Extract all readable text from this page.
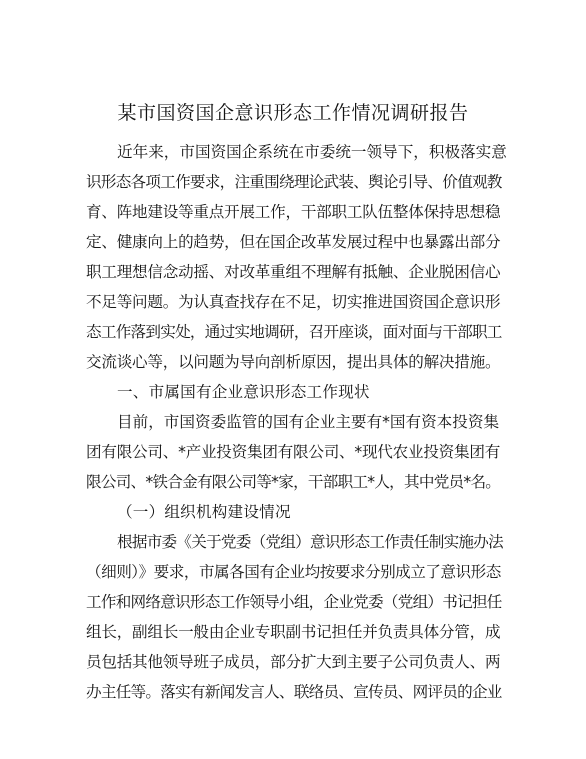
某市国资国企意识形态工作情况调研报告
近年来，市国资国企系统在市委统一领导下，积极落实意
识形态各项工作要求，注重围绕理论武装、舆论引导、价值观教
育、阵地建设等重点开展工作，干部职工队伍整体保持思想稳
定、健康向上的趋势，但在国企改革发展过程中也暴露出部分
职工理想信念动摇、对改革重组不理解有抵触、企业脱困信心
不足等问题。为认真查找存在不足，切实推进国资国企意识形
态工作落到实处，通过实地调研，召开座谈，面对面与干部职工
交流谈心等，以问题为导向剖析原因，提出具体的解决措施。
一、市属国有企业意识形态工作现状
目前，市国资委监管的国有企业主要有*国有资本投资集
团有限公司、*产业投资集团有限公司、*现代农业投资集团有
限公司、*铁合金有限公司等*家，干部职工*人，其中党员*名。
（一）组织机构建设情况
根据市委《关于党委（党组）意识形态工作责任制实施办法
（细则）》要求，市属各国有企业均按要求分别成立了意识形态
工作和网络意识形态工作领导小组，企业党委（党组）书记担任
组长，副组长一般由企业专职副书记担任并负责具体分管，成
员包括其他领导班子成员，部分扩大到主要子公司负责人、两
办主任等。落实有新闻发言人、联络员、宣传员、网评员的企业
